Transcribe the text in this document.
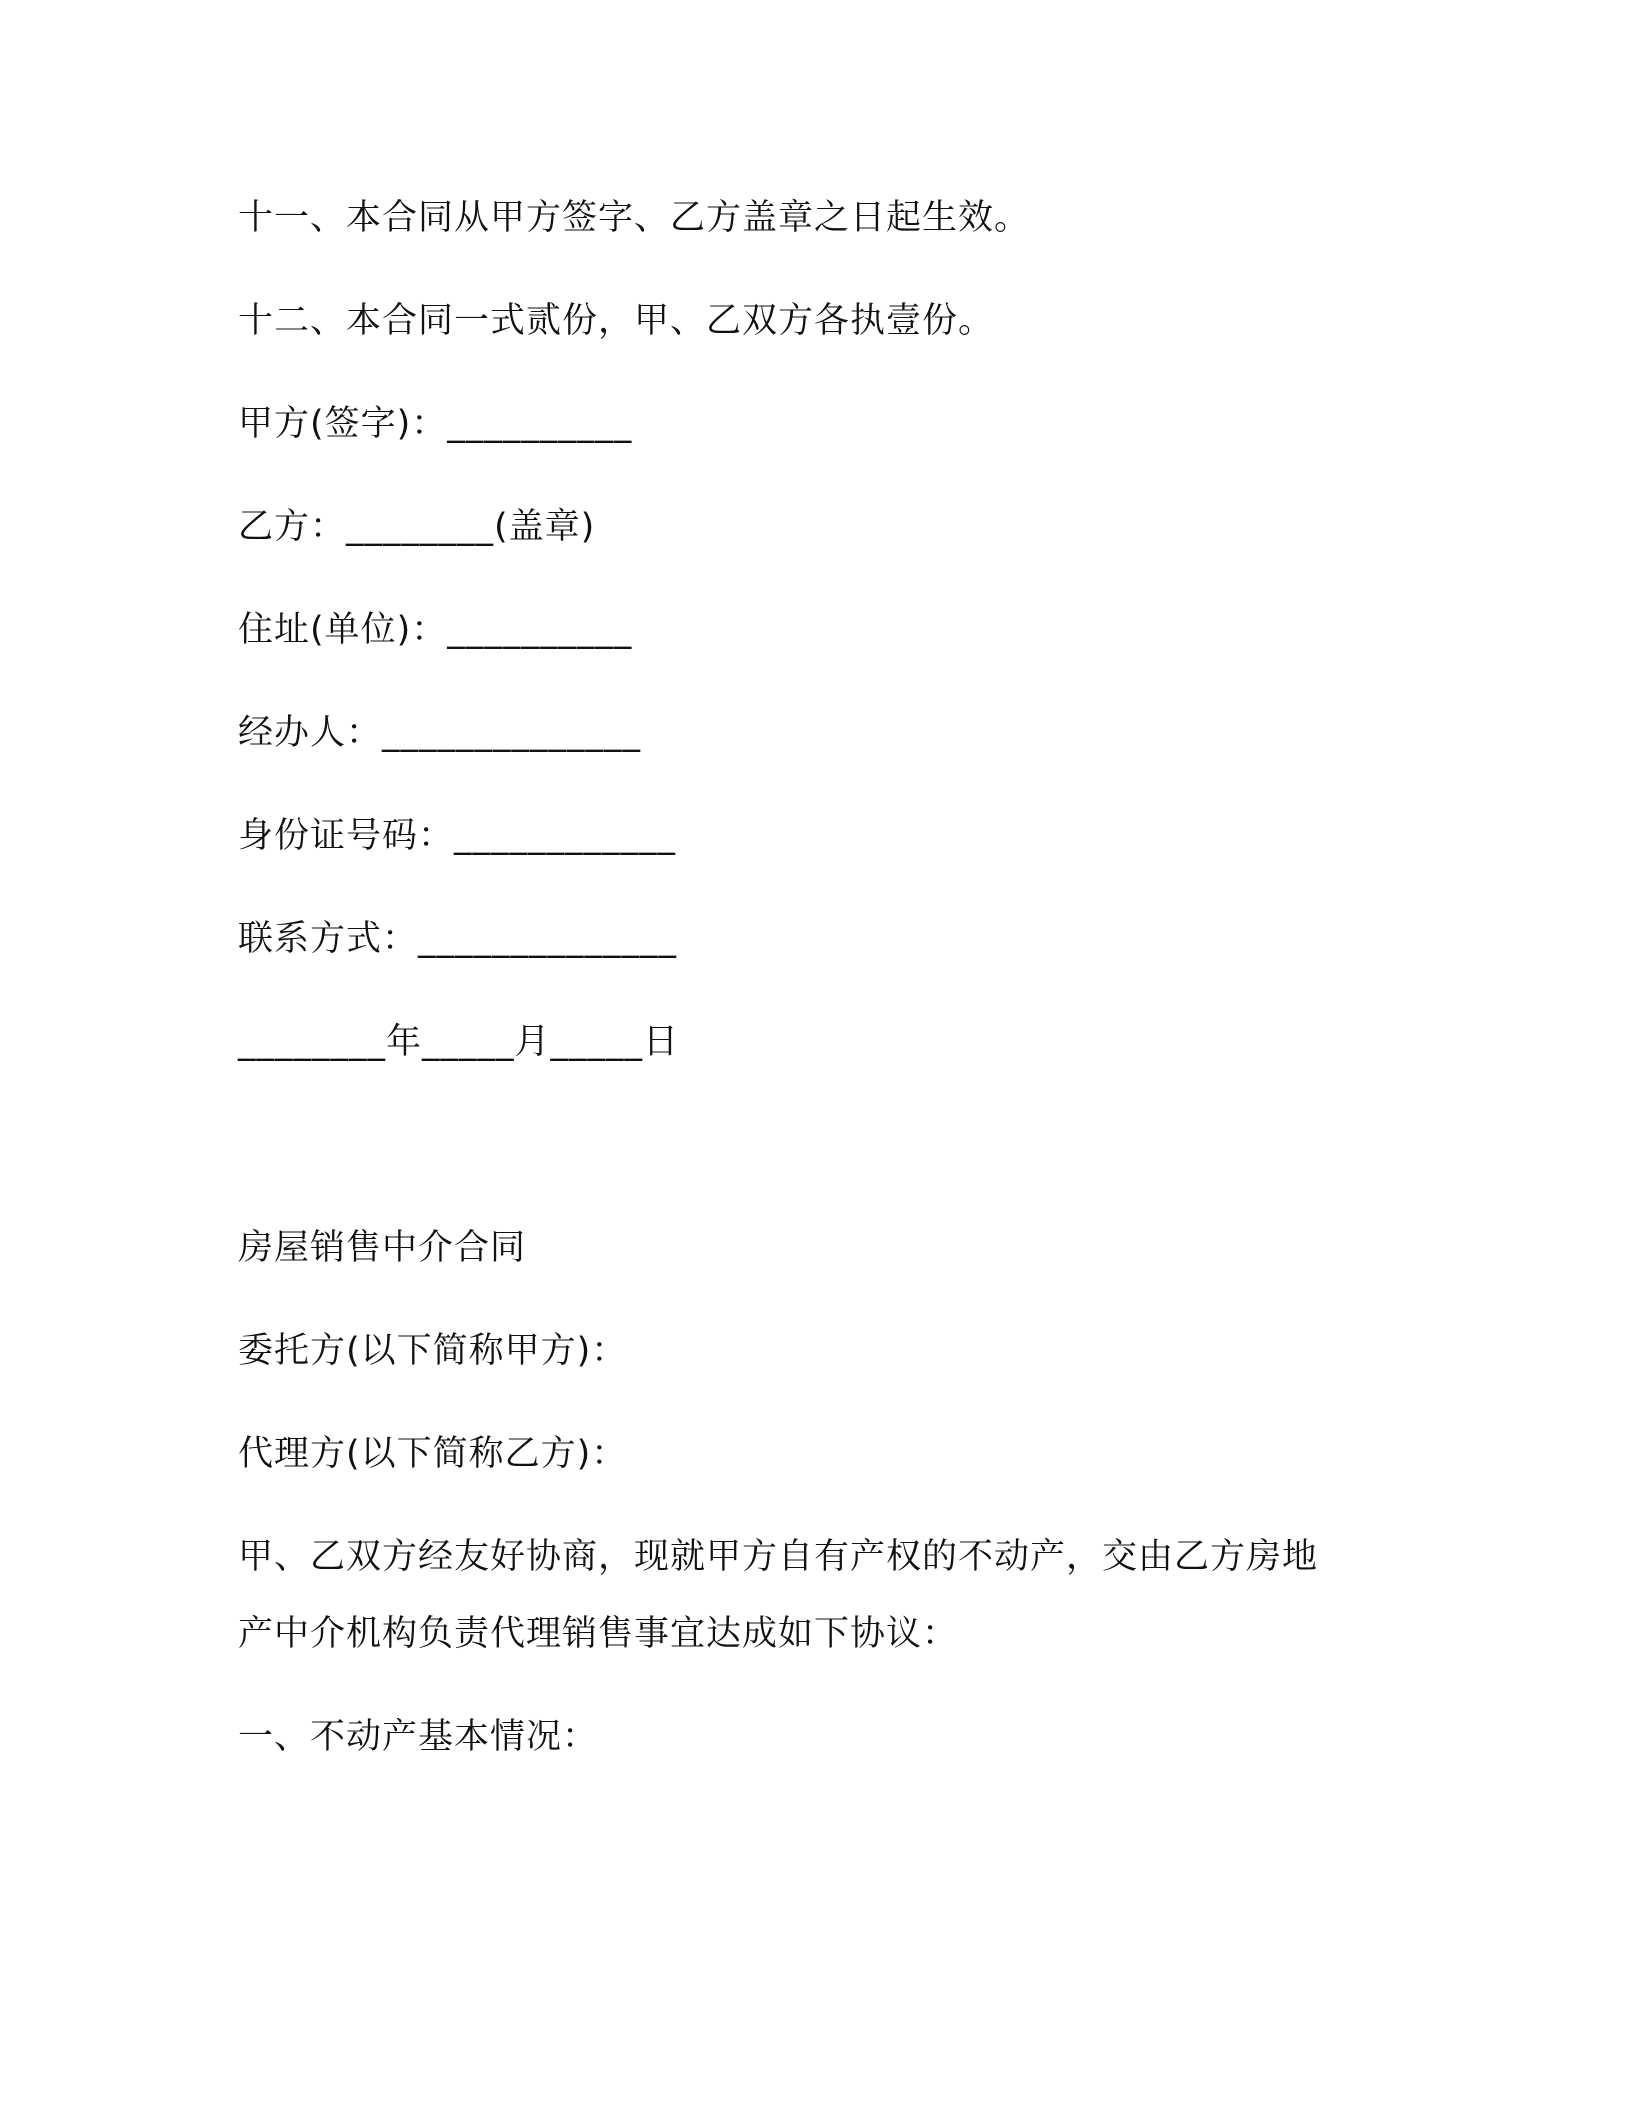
十一、本合同从甲方签字、乙方盖章之日起生效。
十二、本合同一式贰份，甲、乙双方各执壹份。
甲方(签字)：__________
乙方：________(盖章)
住址(单位)：__________
经办人：______________
身份证号码：____________
联系方式：______________
________年_____月_____日
房屋销售中介合同
委托方(以下简称甲方)：
代理方(以下简称乙方)：
甲、乙双方经友好协商，现就甲方自有产权的不动产，交由乙方房地
产中介机构负责代理销售事宜达成如下协议：
一、不动产基本情况：
